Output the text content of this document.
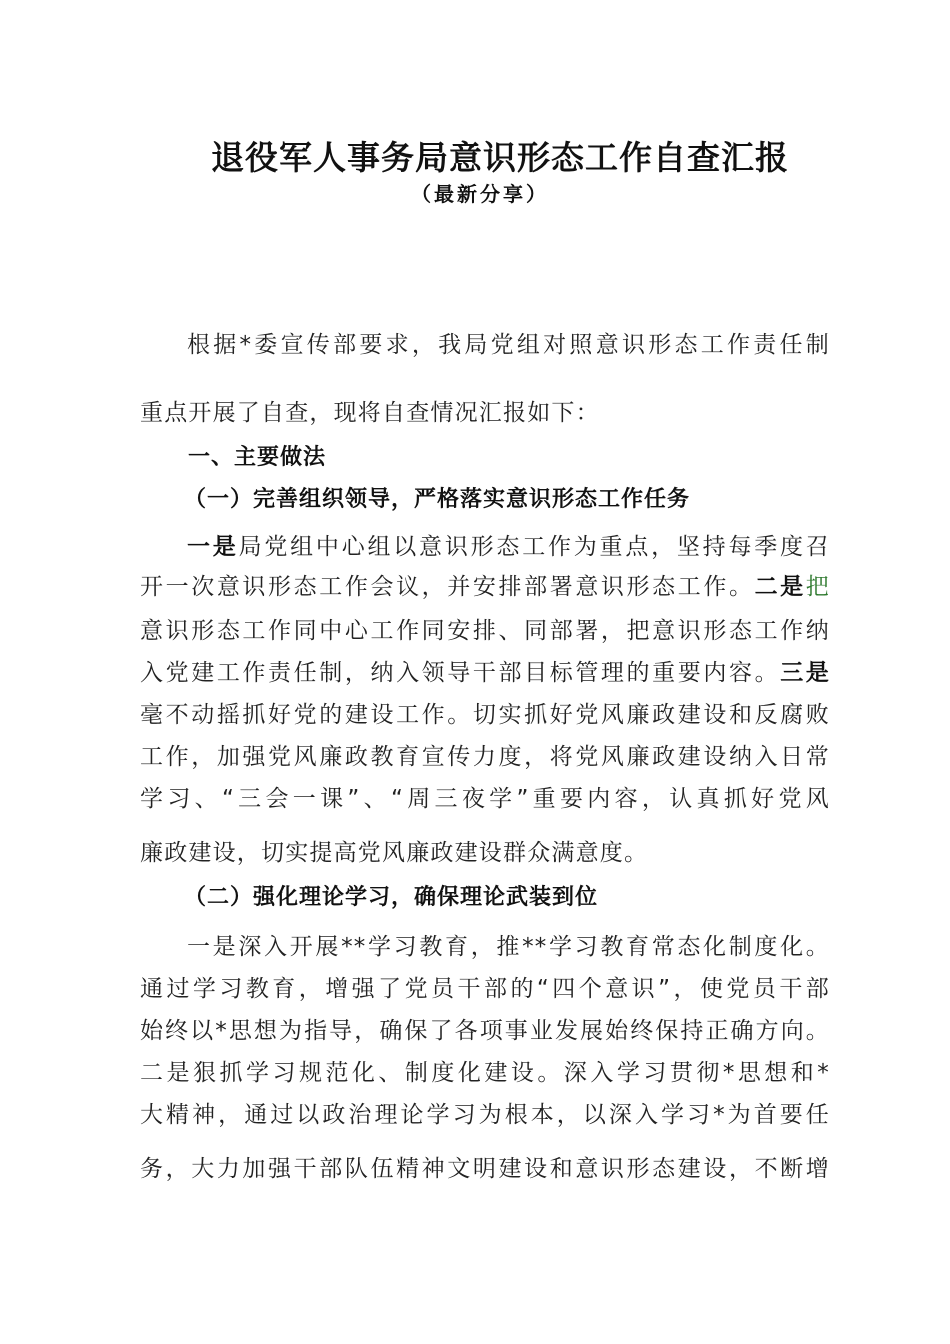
退役军人事务局意识形态工作自查汇报
（最新分享）
根据*委宣传部要求，我局党组对照意识形态工作责任制
重点开展了自查，现将自查情况汇报如下：
一、主要做法
（一）完善组织领导，严格落实意识形态工作任务
一是局党组中心组以意识形态工作为重点，坚持每季度召
开一次意识形态工作会议，并安排部署意识形态工作。二是把
意识形态工作同中心工作同安排、同部署，把意识形态工作纳
入党建工作责任制，纳入领导干部目标管理的重要内容。三是
毫不动摇抓好党的建设工作。切实抓好党风廉政建设和反腐败
工作，加强党风廉政教育宣传力度，将党风廉政建设纳入日常
学习、“三会一课”、“周三夜学”重要内容，认真抓好党风
廉政建设，切实提高党风廉政建设群众满意度。
（二）强化理论学习，确保理论武装到位
一是深入开展**学习教育，推**学习教育常态化制度化。
通过学习教育，增强了党员干部的“四个意识”，使党员干部
始终以*思想为指导，确保了各项事业发展始终保持正确方向。
二是狠抓学习规范化、制度化建设。深入学习贯彻*思想和*
大精神，通过以政治理论学习为根本，以深入学习*为首要任
务，大力加强干部队伍精神文明建设和意识形态建设，不断增
